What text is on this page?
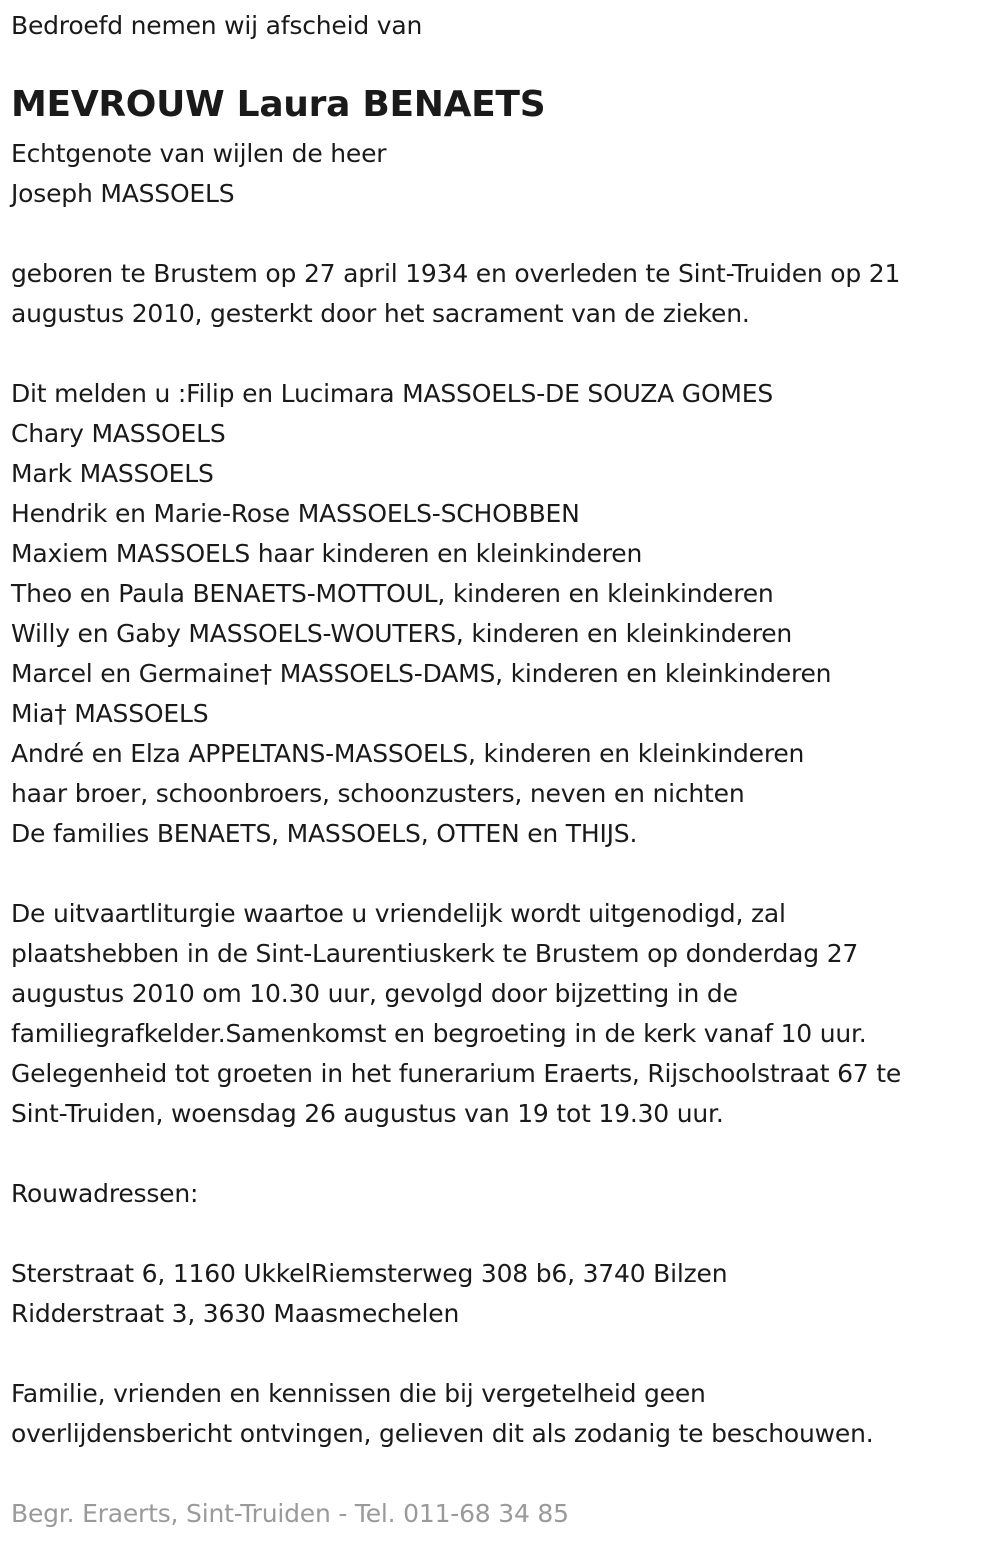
Bedroefd nemen wij afscheid van
MEVROUW Laura BENAETS
Echtgenote van wijlen de heer
Joseph MASSOELS
geboren te Brustem op 27 april 1934 en overleden te Sint-Truiden op 21
augustus 2010, gesterkt door het sacrament van de zieken.
Dit melden u :Filip en Lucimara MASSOELS-DE SOUZA GOMES
Chary MASSOELS
Mark MASSOELS
Hendrik en Marie-Rose MASSOELS-SCHOBBEN
Maxiem MASSOELS haar kinderen en kleinkinderen
Theo en Paula BENAETS-MOTTOUL, kinderen en kleinkinderen
Willy en Gaby MASSOELS-WOUTERS, kinderen en kleinkinderen
Marcel en Germaine† MASSOELS-DAMS, kinderen en kleinkinderen
Mia† MASSOELS
André en Elza APPELTANS-MASSOELS, kinderen en kleinkinderen
haar broer, schoonbroers, schoonzusters, neven en nichten
De families BENAETS, MASSOELS, OTTEN en THIJS.
De uitvaartliturgie waartoe u vriendelijk wordt uitgenodigd, zal
plaatshebben in de Sint-Laurentiuskerk te Brustem op donderdag 27
augustus 2010 om 10.30 uur, gevolgd door bijzetting in de
familiegrafkelder.Samenkomst en begroeting in de kerk vanaf 10 uur.
Gelegenheid tot groeten in het funerarium Eraerts, Rijschoolstraat 67 te
Sint-Truiden, woensdag 26 augustus van 19 tot 19.30 uur.
Rouwadressen:
Sterstraat 6, 1160 UkkelRiemsterweg 308 b6, 3740 Bilzen
Ridderstraat 3, 3630 Maasmechelen
Familie, vrienden en kennissen die bij vergetelheid geen
overlijdensbericht ontvingen, gelieven dit als zodanig te beschouwen.
Begr. Eraerts, Sint-Truiden - Tel. 011-68 34 85
